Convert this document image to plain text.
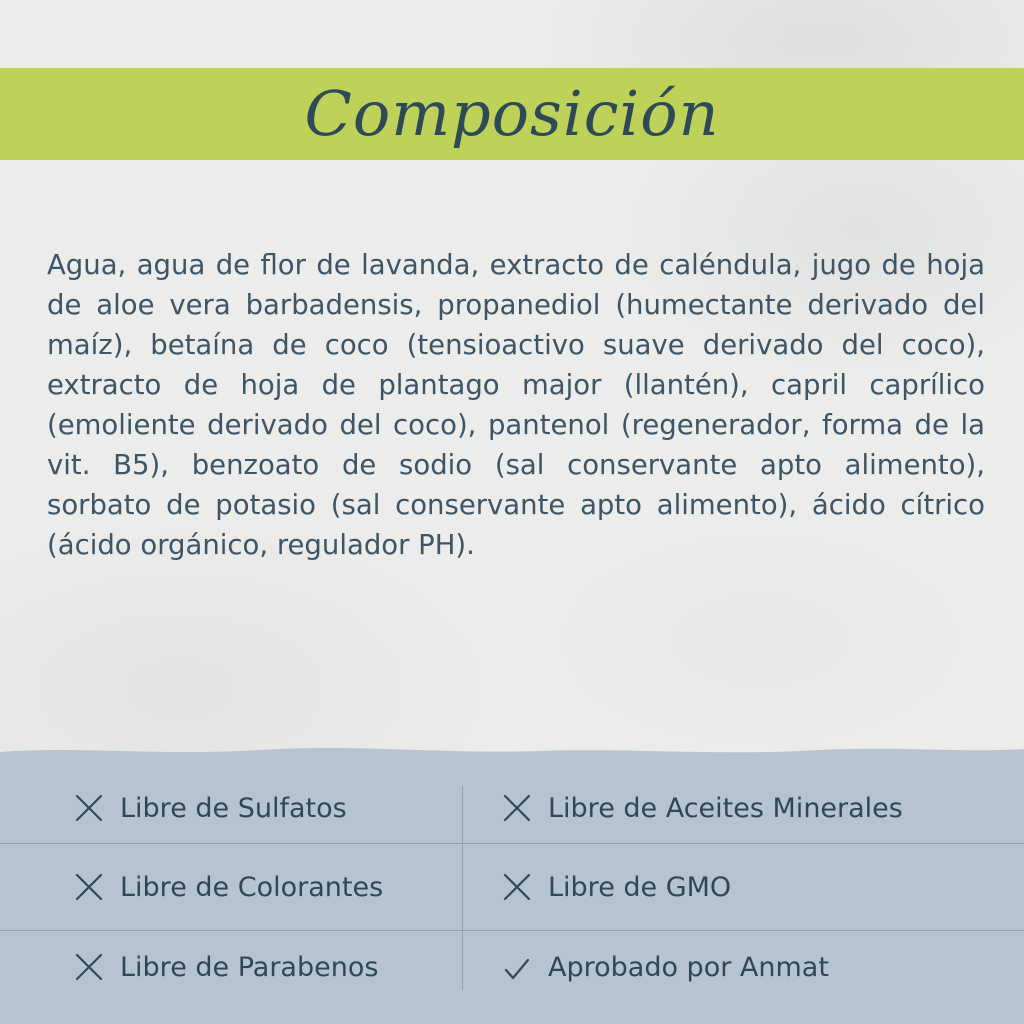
Composición

Agua, agua de flor de lavanda, extracto de caléndula, jugo de hoja de aloe vera barbadensis, propanediol (humectante derivado del maíz), betaína de coco (tensioactivo suave derivado del coco), extracto de hoja de plantago major (llantén), capril caprílico (emoliente derivado del coco), pantenol (regenerador, forma de la vit. B5), benzoato de sodio (sal conservante apto alimento), sorbato de potasio (sal conservante apto alimento), ácido cítrico (ácido orgánico, regulador PH).

Libre de Sulfatos	Libre de Aceites Minerales
Libre de Colorantes	Libre de GMO
Libre de Parabenos	Aprobado por Anmat
